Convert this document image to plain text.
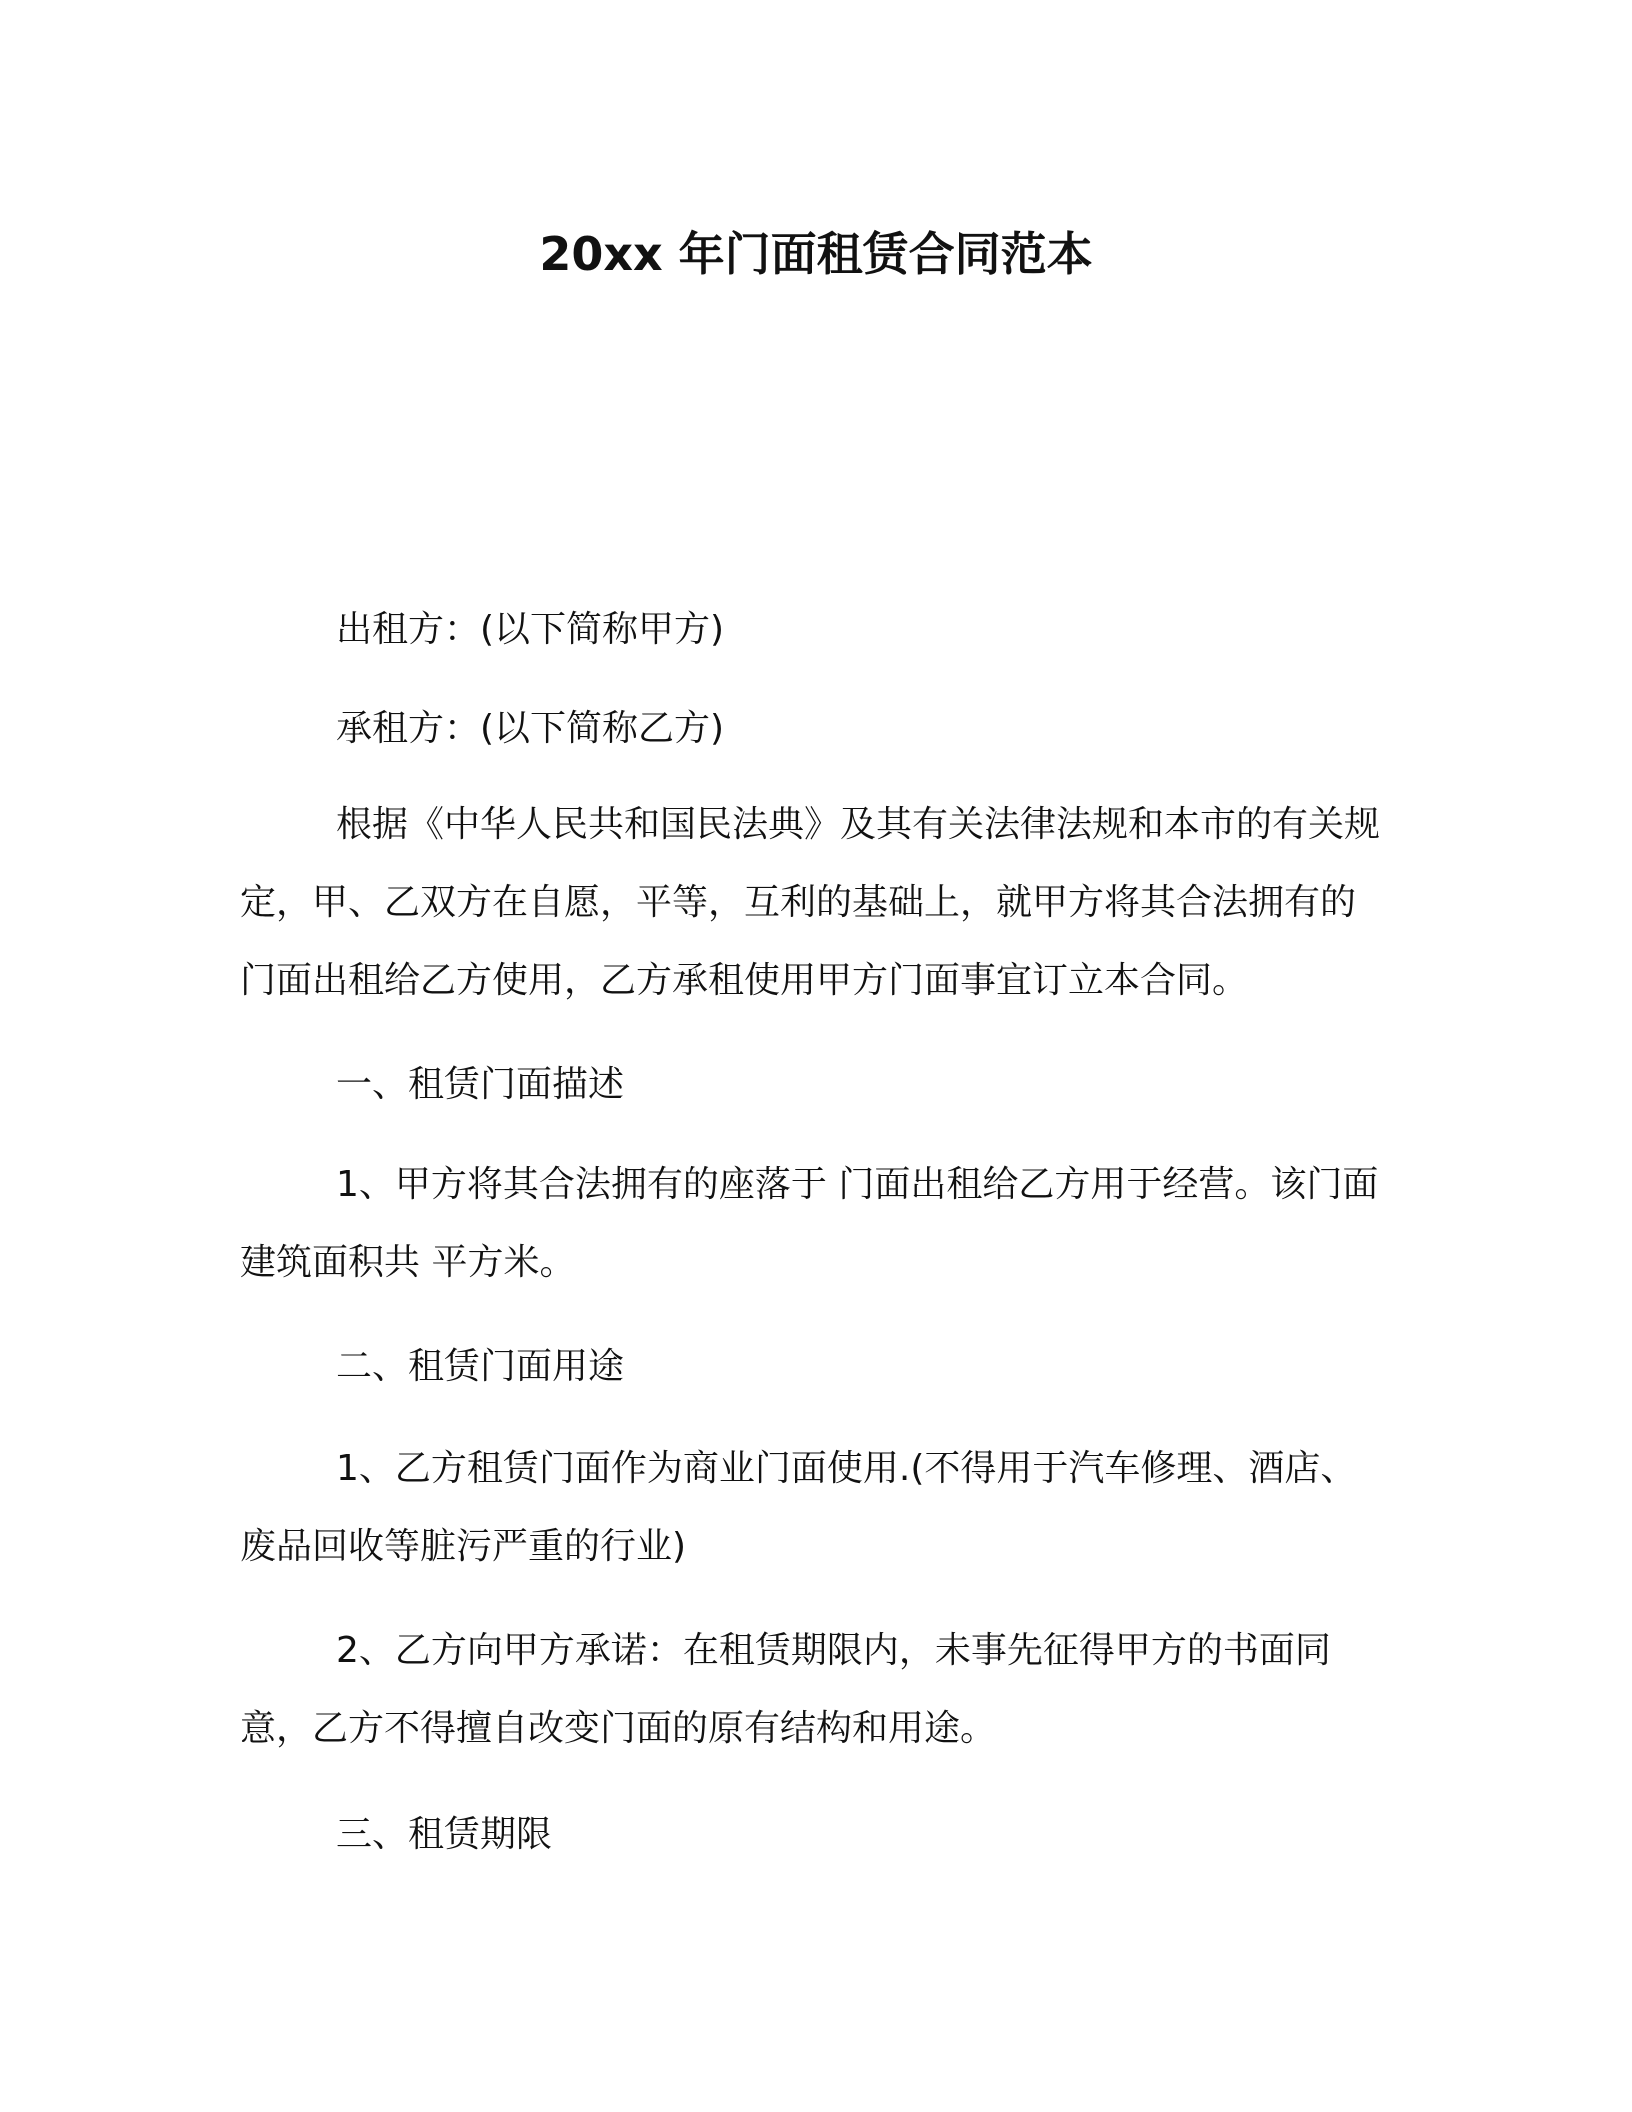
20xx 年门面租赁合同范本

出租方：(以下简称甲方)

承租方：(以下简称乙方)

根据《中华人民共和国民法典》及其有关法律法规和本市的有关规定，甲、乙双方在自愿，平等，互利的基础上，就甲方将其合法拥有的门面出租给乙方使用，乙方承租使用甲方门面事宜订立本合同。

一、租赁门面描述

1、甲方将其合法拥有的座落于 门面出租给乙方用于经营。该门面建筑面积共 平方米。

二、租赁门面用途

1、乙方租赁门面作为商业门面使用.(不得用于汽车修理、酒店、废品回收等脏污严重的行业)

2、乙方向甲方承诺：在租赁期限内，未事先征得甲方的书面同意，乙方不得擅自改变门面的原有结构和用途。

三、租赁期限
